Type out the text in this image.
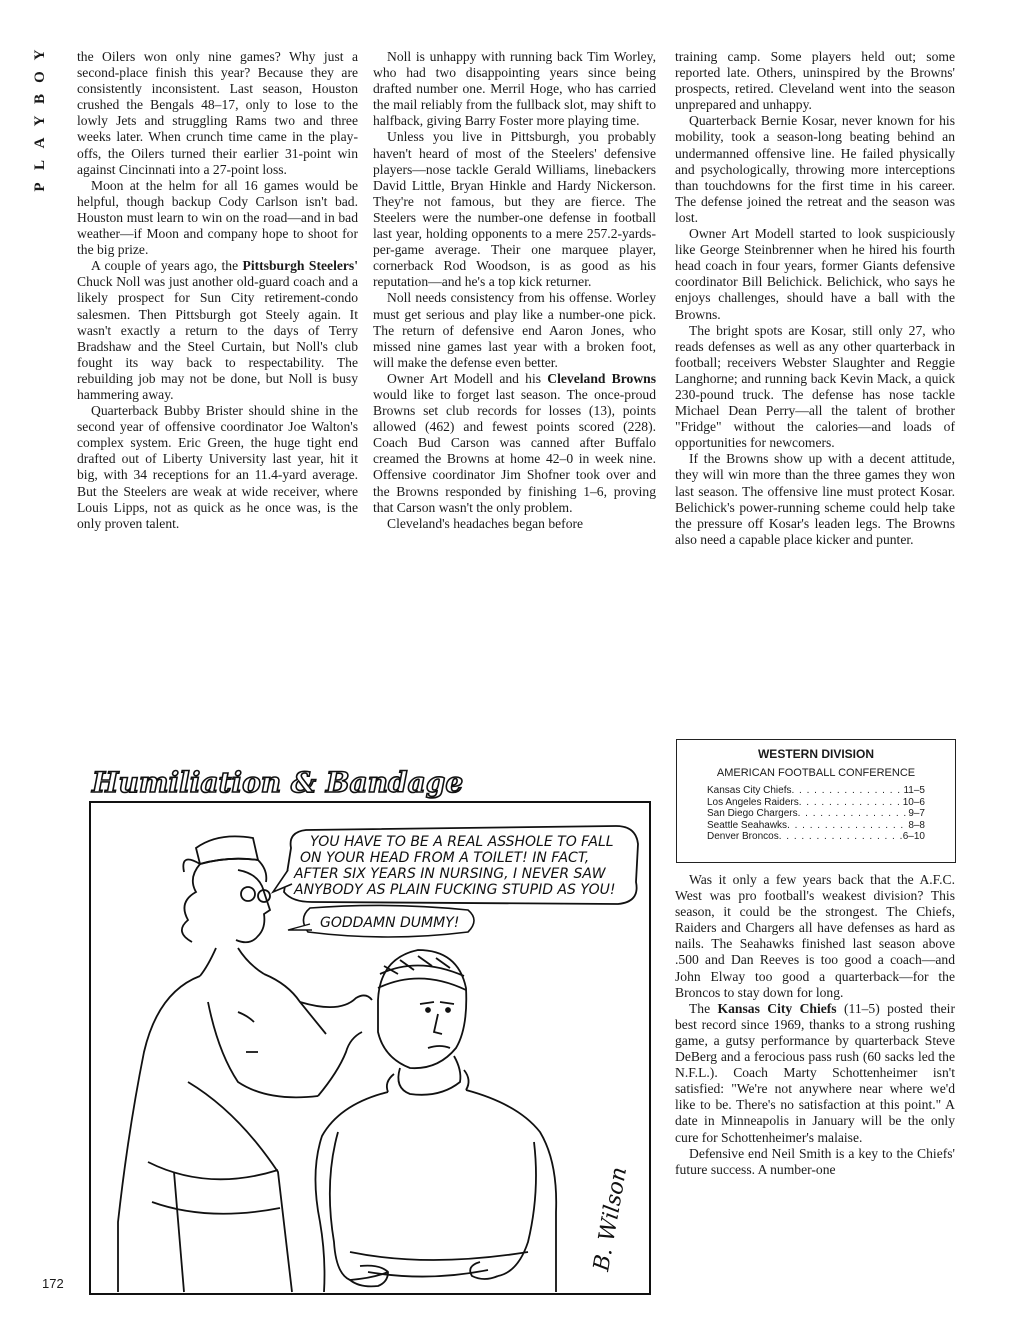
Y
O
B
Y
A
L
P

the Oilers won only nine games? Why just a second-place finish this year? Because they are consistently inconsistent. Last season, Houston crushed the Bengals 48–17, only to lose to the lowly Jets and struggling Rams two and three weeks later. When crunch time came in the play-offs, the Oilers turned their earlier 31-point win against Cincinnati into a 27-point loss.

Moon at the helm for all 16 games would be helpful, though backup Cody Carlson isn't bad. Houston must learn to win on the road—and in bad weather—if Moon and company hope to shoot for the big prize.

A couple of years ago, the Pittsburgh Steelers' Chuck Noll was just another old-guard coach and a likely prospect for Sun City retirement-condo salesmen. Then Pittsburgh got Steely again. It wasn't exactly a return to the days of Terry Bradshaw and the Steel Curtain, but Noll's club fought its way back to respectability. The rebuilding job may not be done, but Noll is busy hammering away.

Quarterback Bubby Brister should shine in the second year of offensive coordinator Joe Walton's complex system. Eric Green, the huge tight end drafted out of Liberty University last year, hit it big, with 34 receptions for an 11.4-yard average. But the Steelers are weak at wide receiver, where Louis Lipps, not as quick as he once was, is the only proven talent.

Noll is unhappy with running back Tim Worley, who had two disappointing years since being drafted number one. Merril Hoge, who has carried the mail reliably from the fullback slot, may shift to halfback, giving Barry Foster more playing time.

Unless you live in Pittsburgh, you probably haven't heard of most of the Steelers' defensive players—nose tackle Gerald Williams, linebackers David Little, Bryan Hinkle and Hardy Nickerson. They're not famous, but they are fierce. The Steelers were the number-one defense in football last year, holding opponents to a mere 257.2-yards-per-game average. Their one marquee player, cornerback Rod Woodson, is as good as his reputation—and he's a top kick returner.

Noll needs consistency from his offense. Worley must get serious and play like a number-one pick. The return of defensive end Aaron Jones, who missed nine games last year with a broken foot, will make the defense even better.

Owner Art Modell and his Cleveland Browns would like to forget last season. The once-proud Browns set club records for losses (13), points allowed (462) and fewest points scored (228). Coach Bud Carson was canned after Buffalo creamed the Browns at home 42–0 in week nine. Offensive coordinator Jim Shofner took over and the Browns responded by finishing 1–6, proving that Carson wasn't the only problem.

Cleveland's headaches began before

training camp. Some players held out; some reported late. Others, uninspired by the Browns' prospects, retired. Cleveland went into the season unprepared and unhappy.

Quarterback Bernie Kosar, never known for his mobility, took a season-long beating behind an undermanned offensive line. He failed physically and psychologically, throwing more interceptions than touchdowns for the first time in his career. The defense joined the retreat and the season was lost.

Owner Art Modell started to look suspiciously like George Steinbrenner when he hired his fourth head coach in four years, former Giants defensive coordinator Bill Belichick. Belichick, who says he enjoys challenges, should have a ball with the Browns.

The bright spots are Kosar, still only 27, who reads defenses as well as any other quarterback in football; receivers Webster Slaughter and Reggie Langhorne; and running back Kevin Mack, a quick 230-pound truck. The defense has nose tackle Michael Dean Perry—all the talent of brother "Fridge" without the calories—and loads of opportunities for newcomers.

If the Browns show up with a decent attitude, they will win more than the three games they won last season. The offensive line must protect Kosar. Belichick's power-running scheme could help take the pressure off Kosar's leaden legs. The Browns also need a capable place kicker and punter.

WESTERN DIVISION
AMERICAN FOOTBALL CONFERENCE
Kansas City Chiefs . . .	11–5
Los Angeles Raiders . . .	10–6
San Diego Chargers . . .	9–7
Seattle Seahawks . . .	8–8
Denver Broncos . . .	6–10

Was it only a few years back that the A.F.C. West was pro football's weakest division? This season, it could be the strongest. The Chiefs, Raiders and Chargers all have defenses as hard as nails. The Seahawks finished last season above .500 and Dan Reeves is too good a coach—and John Elway too good a quarterback—for the Broncos to stay down for long.

The Kansas City Chiefs (11–5) posted their best record since 1969, thanks to a strong rushing game, a gutsy performance by quarterback Steve DeBerg and a ferocious pass rush (60 sacks led the N.F.L.). Coach Marty Schottenheimer isn't satisfied: "We're not anywhere near where we'd like to be. There's no satisfaction at this point." A date in Minneapolis in January will be the only cure for Schottenheimer's malaise.

Defensive end Neil Smith is a key to the Chiefs' future success. A number-one

Humiliation & Bandage
YOU HAVE TO BE A REAL ASSHOLE TO FALL ON YOUR HEAD FROM A TOILET! IN FACT, AFTER SIX YEARS IN NURSING, I NEVER SAW ANYBODY AS PLAIN FUCKING STUPID AS YOU!
GODDAMN DUMMY!
B. Wilson
172
